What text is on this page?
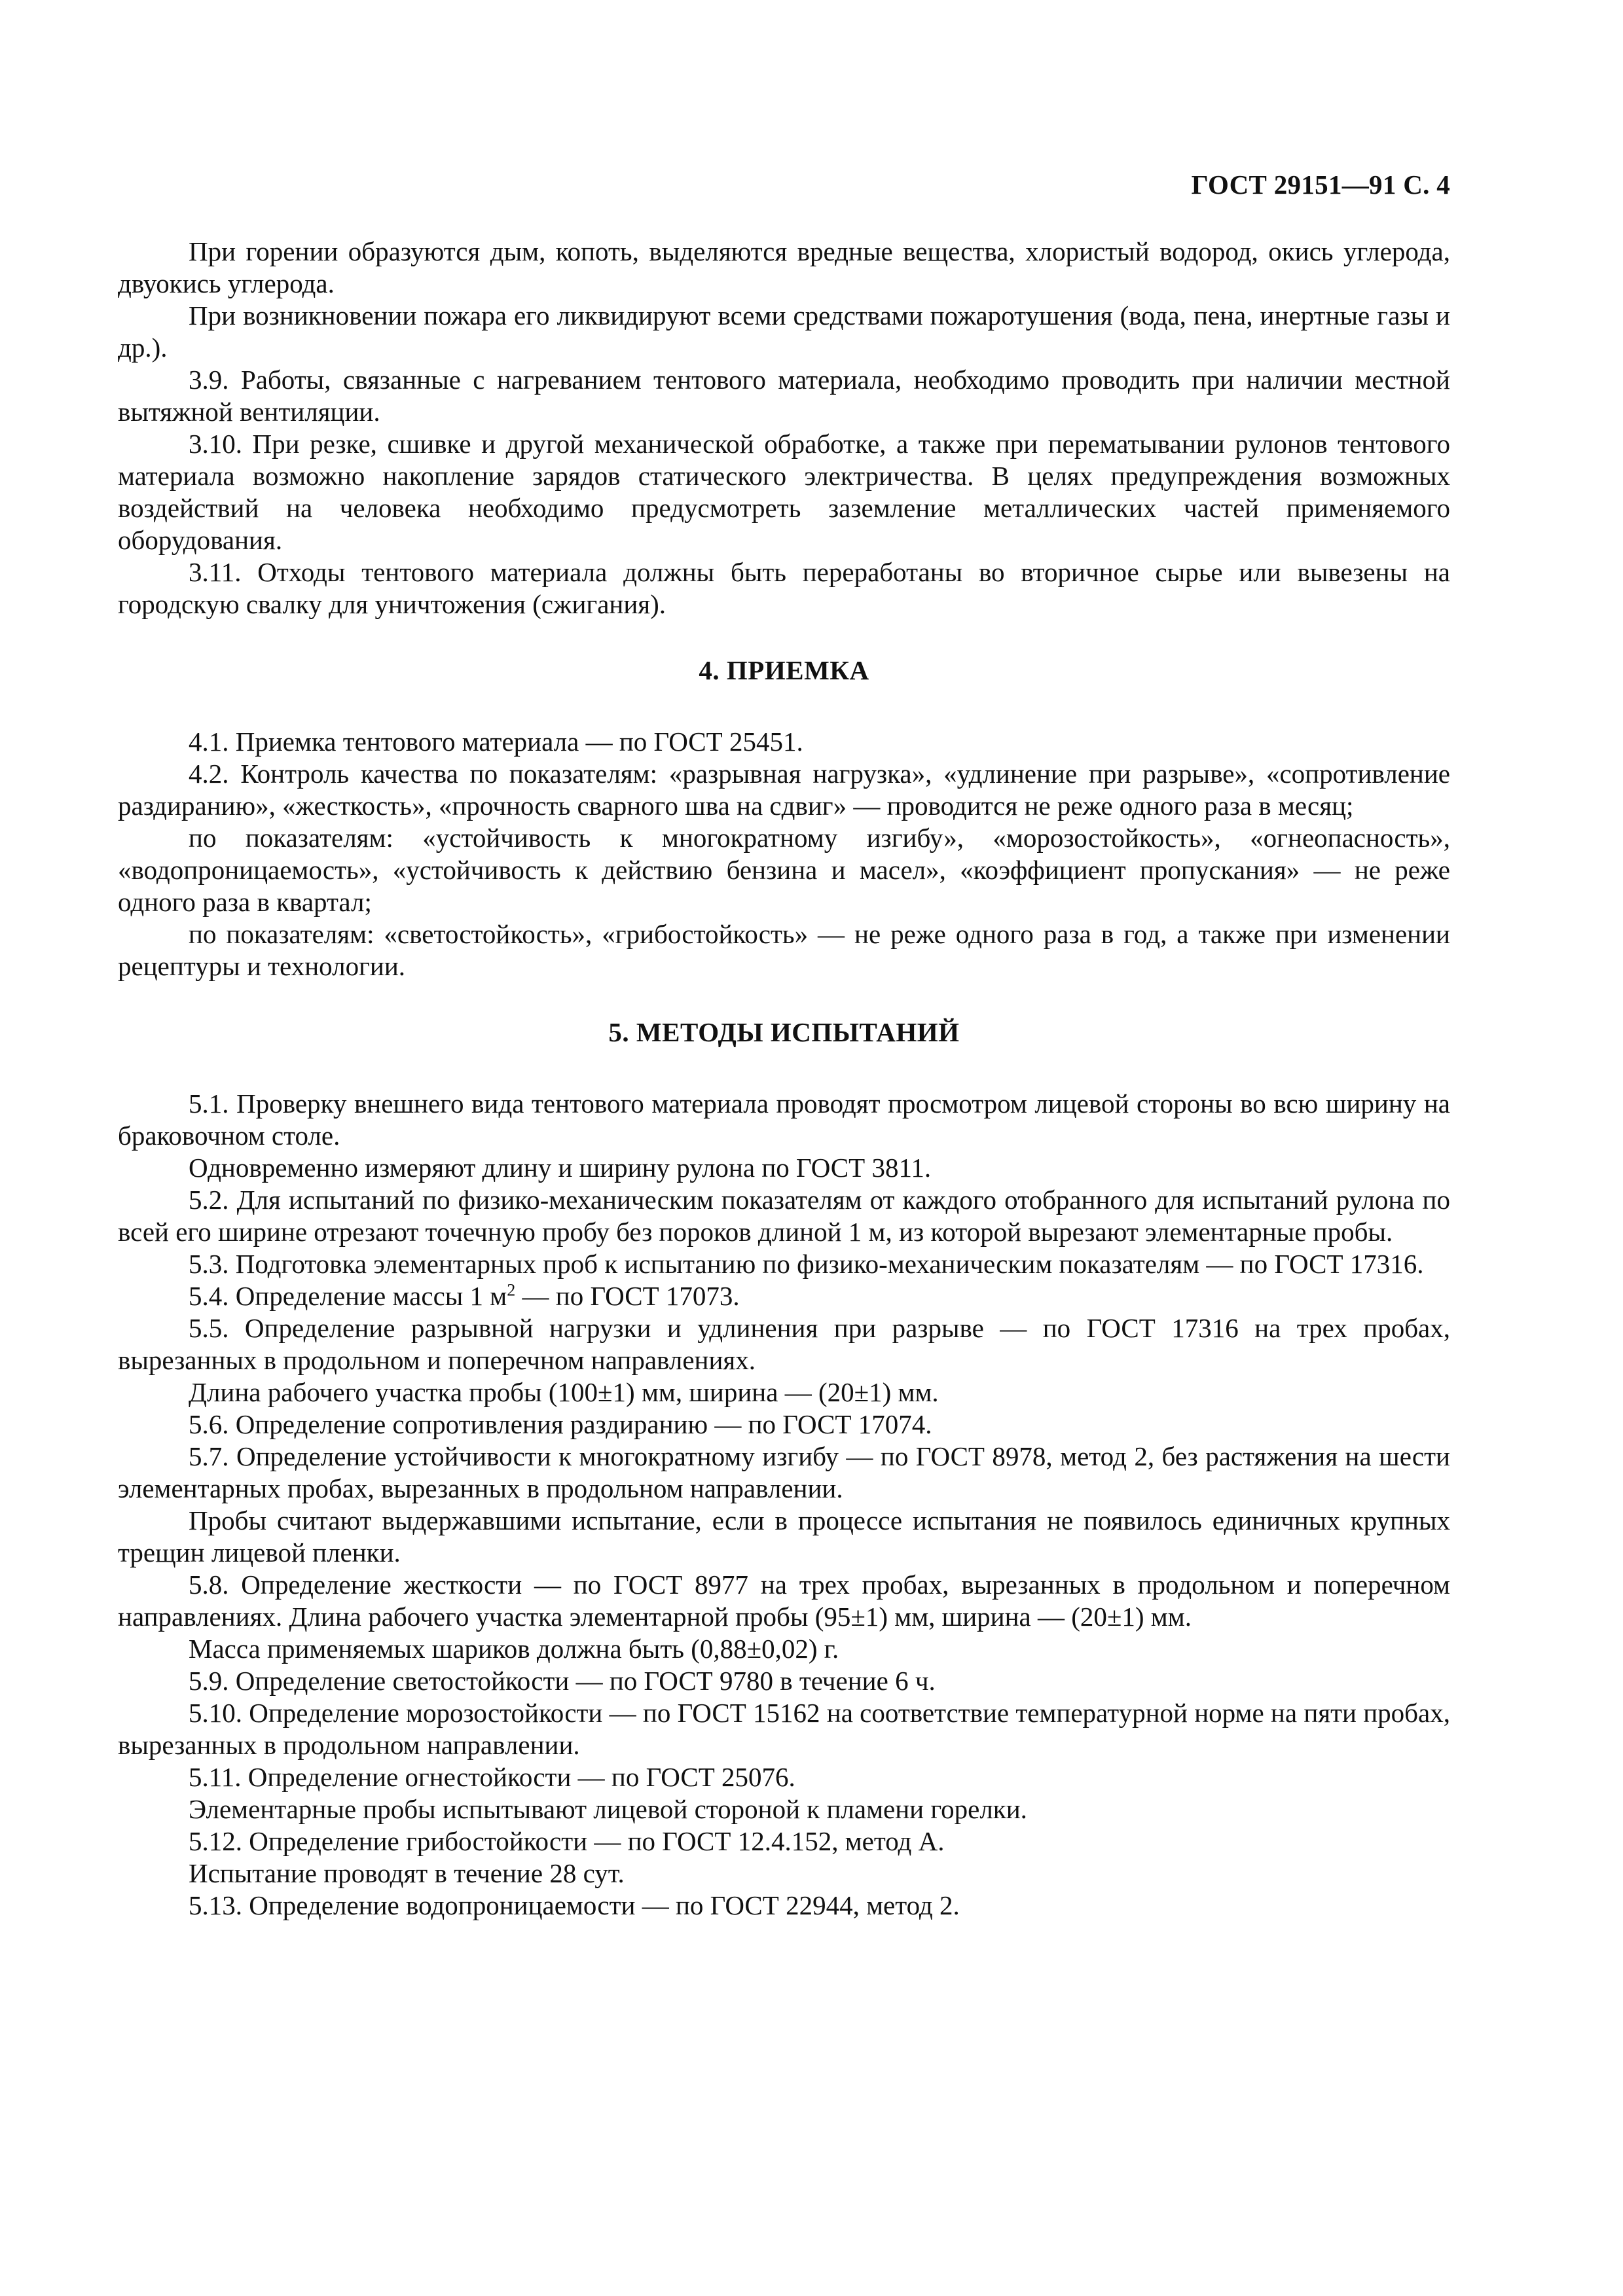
ГОСТ 29151—91 С. 4

При горении образуются дым, копоть, выделяются вредные вещества, хлористый водород, окись углерода, двуокись углерода.

При возникновении пожара его ликвидируют всеми средствами пожаротушения (вода, пена, инертные газы и др.).

3.9. Работы, связанные с нагреванием тентового материала, необходимо проводить при наличии местной вытяжной вентиляции.

3.10. При резке, сшивке и другой механической обработке, а также при перематывании рулонов тентового материала возможно накопление зарядов статического электричества. В целях предупреждения возможных воздействий на человека необходимо предусмотреть заземление металлических частей применяемого оборудования.

3.11. Отходы тентового материала должны быть переработаны во вторичное сырье или вывезены на городскую свалку для уничтожения (сжигания).

4. ПРИЕМКА

4.1. Приемка тентового материала — по ГОСТ 25451.

4.2. Контроль качества по показателям: «разрывная нагрузка», «удлинение при разрыве», «сопротивление раздиранию», «жесткость», «прочность сварного шва на сдвиг» — проводится не реже одного раза в месяц;

по показателям: «устойчивость к многократному изгибу», «морозостойкость», «огнеопасность», «водопроницаемость», «устойчивость к действию бензина и масел», «коэффициент пропускания» — не реже одного раза в квартал;

по показателям: «светостойкость», «грибостойкость» — не реже одного раза в год, а также при изменении рецептуры и технологии.

5. МЕТОДЫ ИСПЫТАНИЙ

5.1. Проверку внешнего вида тентового материала проводят просмотром лицевой стороны во всю ширину на браковочном столе.

Одновременно измеряют длину и ширину рулона по ГОСТ 3811.

5.2. Для испытаний по физико-механическим показателям от каждого отобранного для испытаний рулона по всей его ширине отрезают точечную пробу без пороков длиной 1 м, из которой вырезают элементарные пробы.

5.3. Подготовка элементарных проб к испытанию по физико-механическим показателям — по ГОСТ 17316.

5.4. Определение массы 1 $м^2$ — по ГОСТ 17073.

5.5. Определение разрывной нагрузки и удлинения при разрыве — по ГОСТ 17316 на трех пробах, вырезанных в продольном и поперечном направлениях.

Длина рабочего участка пробы (100±1) мм, ширина — (20±1) мм.

5.6. Определение сопротивления раздиранию — по ГОСТ 17074.

5.7. Определение устойчивости к многократному изгибу — по ГОСТ 8978, метод 2, без растяжения на шести элементарных пробах, вырезанных в продольном направлении.

Пробы считают выдержавшими испытание, если в процессе испытания не появилось единичных крупных трещин лицевой пленки.

5.8. Определение жесткости — по ГОСТ 8977 на трех пробах, вырезанных в продольном и поперечном направлениях. Длина рабочего участка элементарной пробы (95±1) мм, ширина — (20±1) мм.

Масса применяемых шариков должна быть (0,88±0,02) г.

5.9. Определение светостойкости — по ГОСТ 9780 в течение 6 ч.

5.10. Определение морозостойкости — по ГОСТ 15162 на соответствие температурной норме на пяти пробах, вырезанных в продольном направлении.

5.11. Определение огнестойкости — по ГОСТ 25076.

Элементарные пробы испытывают лицевой стороной к пламени горелки.

5.12. Определение грибостойкости — по ГОСТ 12.4.152, метод А.

Испытание проводят в течение 28 сут.

5.13. Определение водопроницаемости — по ГОСТ 22944, метод 2.
